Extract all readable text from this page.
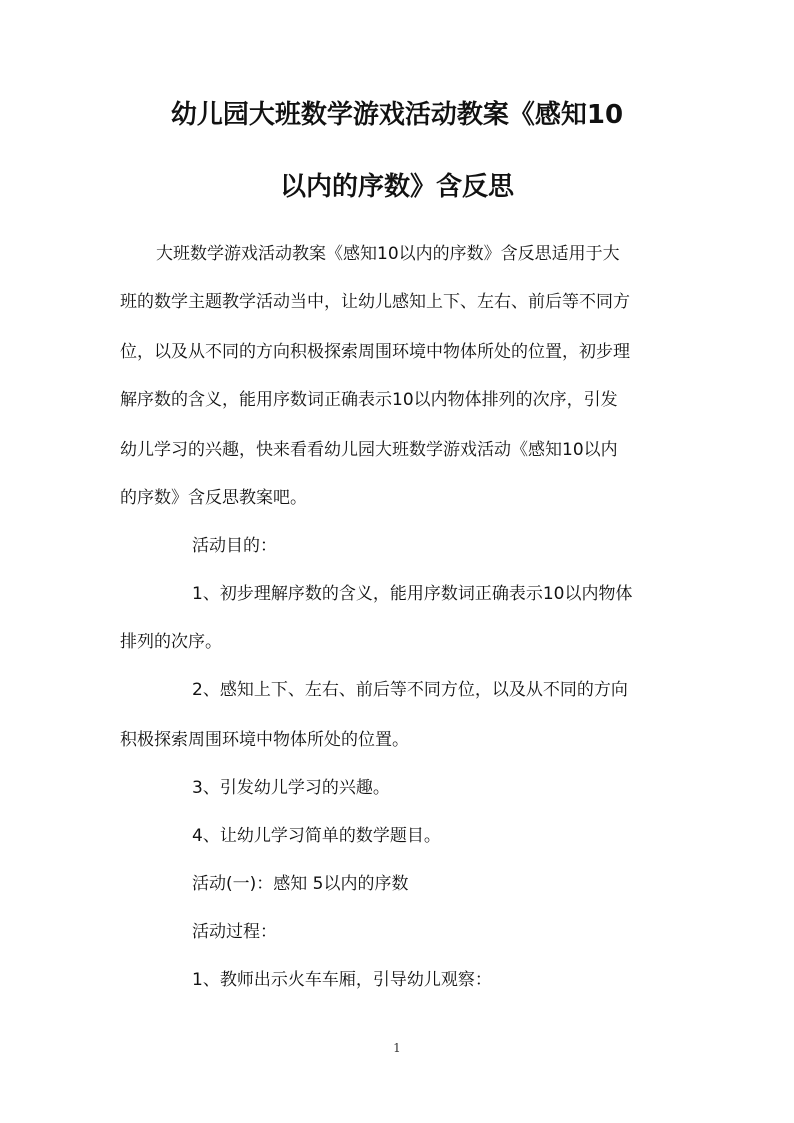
幼儿园大班数学游戏活动教案《感知10
以内的序数》含反思
大班数学游戏活动教案《感知10以内的序数》含反思适用于大
班的数学主题教学活动当中，让幼儿感知上下、左右、前后等不同方
位，以及从不同的方向积极探索周围环境中物体所处的位置，初步理
解序数的含义，能用序数词正确表示10以内物体排列的次序，引发
幼儿学习的兴趣，快来看看幼儿园大班数学游戏活动《感知10以内
的序数》含反思教案吧。
活动目的：
1、初步理解序数的含义，能用序数词正确表示10以内物体
排列的次序。
2、感知上下、左右、前后等不同方位，以及从不同的方向
积极探索周围环境中物体所处的位置。
3、引发幼儿学习的兴趣。
4、让幼儿学习简单的数学题目。
活动(一)：感知 5以内的序数
活动过程：
1、教师出示火车车厢，引导幼儿观察：
1
